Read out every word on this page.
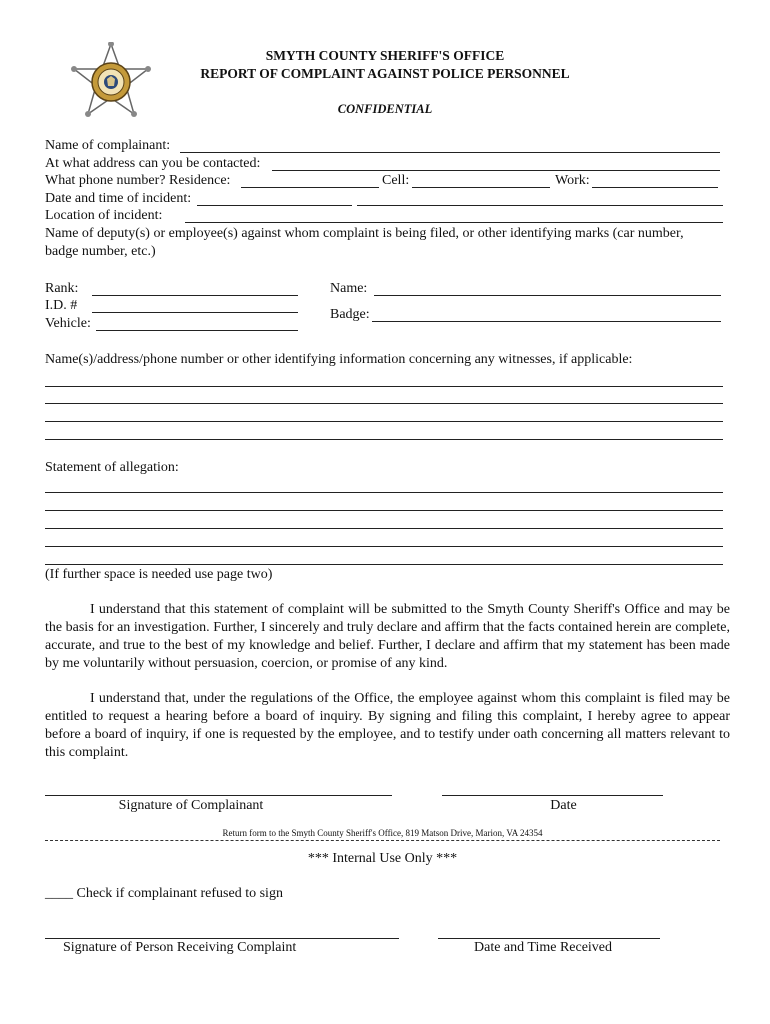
SMYTH COUNTY SHERIFF'S OFFICE
REPORT OF COMPLAINT AGAINST POLICE PERSONNEL
CONFIDENTIAL
Name of complainant:
At what address can you be contacted:
What phone number? Residence:	Cell:	Work:
Date and time of incident:
Location of incident:
Name of deputy(s) or employee(s) against whom complaint is being filed, or other identifying marks (car number,
badge number, etc.)
Rank:
I.D. #
Vehicle:
Name:
Badge:
Name(s)/address/phone number or other identifying information concerning any witnesses, if applicable:
Statement of allegation:
(If further space is needed use page two)

I understand that this statement of complaint will be submitted to the Smyth County Sheriff's Office and may be the basis for an investigation. Further, I sincerely and truly declare and affirm that the facts contained herein are complete, accurate, and true to the best of my knowledge and belief. Further, I declare and affirm that my statement has been made by me voluntarily without persuasion, coercion, or promise of any kind.

I understand that, under the regulations of the Office, the employee against whom this complaint is filed may be entitled to request a hearing before a board of inquiry. By signing and filing this complaint, I hereby agree to appear before a board of inquiry, if one is requested by the employee, and to testify under oath concerning all matters relevant to this complaint.

Signature of Complainant	Date
Return form to the Smyth County Sheriff's Office, 819 Matson Drive, Marion, VA 24354
*** Internal Use Only ***
____ Check if complainant refused to sign
Signature of Person Receiving Complaint	Date and Time Received
